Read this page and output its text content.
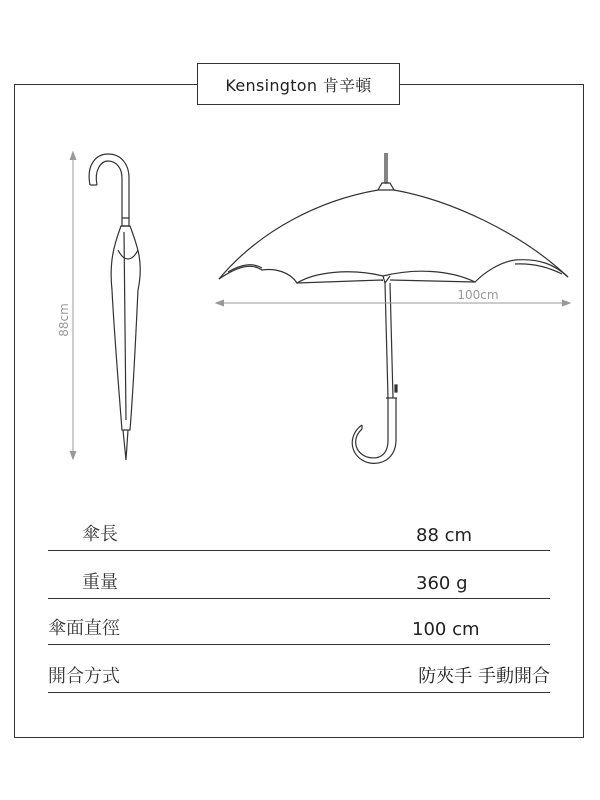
Kensington 肯辛頓
88cm
100cm
傘長	88 cm
重量	360 g
傘面直徑	100 cm
開合方式	防夾手 手動開合
